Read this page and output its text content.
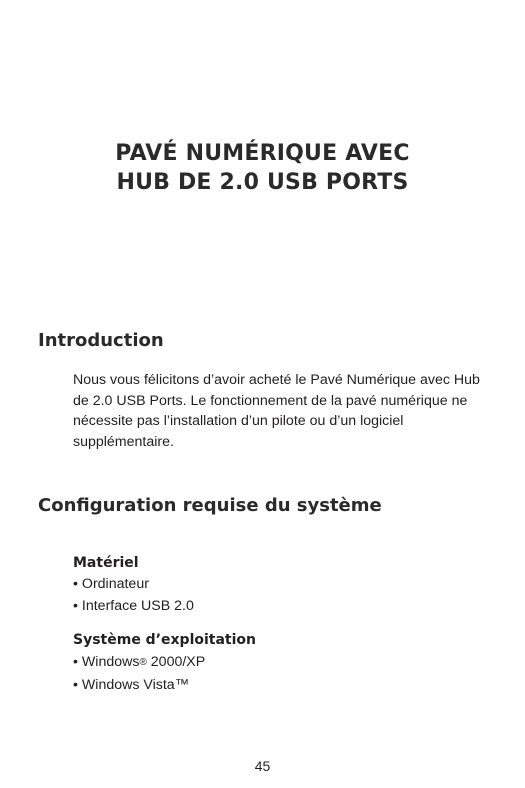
PAVÉ NUMÉRIQUE AVEC
HUB DE 2.0 USB PORTS
Introduction

Nous vous félicitons d’avoir acheté le Pavé Numérique avec Hub de 2.0 USB Ports. Le fonctionnement de la pavé numérique ne nécessite pas l’installation d’un pilote ou d’un logiciel supplémentaire.

Configuration requise du système
Matériel
• Ordinateur
• Interface USB 2.0
Système d’exploitation
• Windows® 2000/XP
• Windows Vista™
45
